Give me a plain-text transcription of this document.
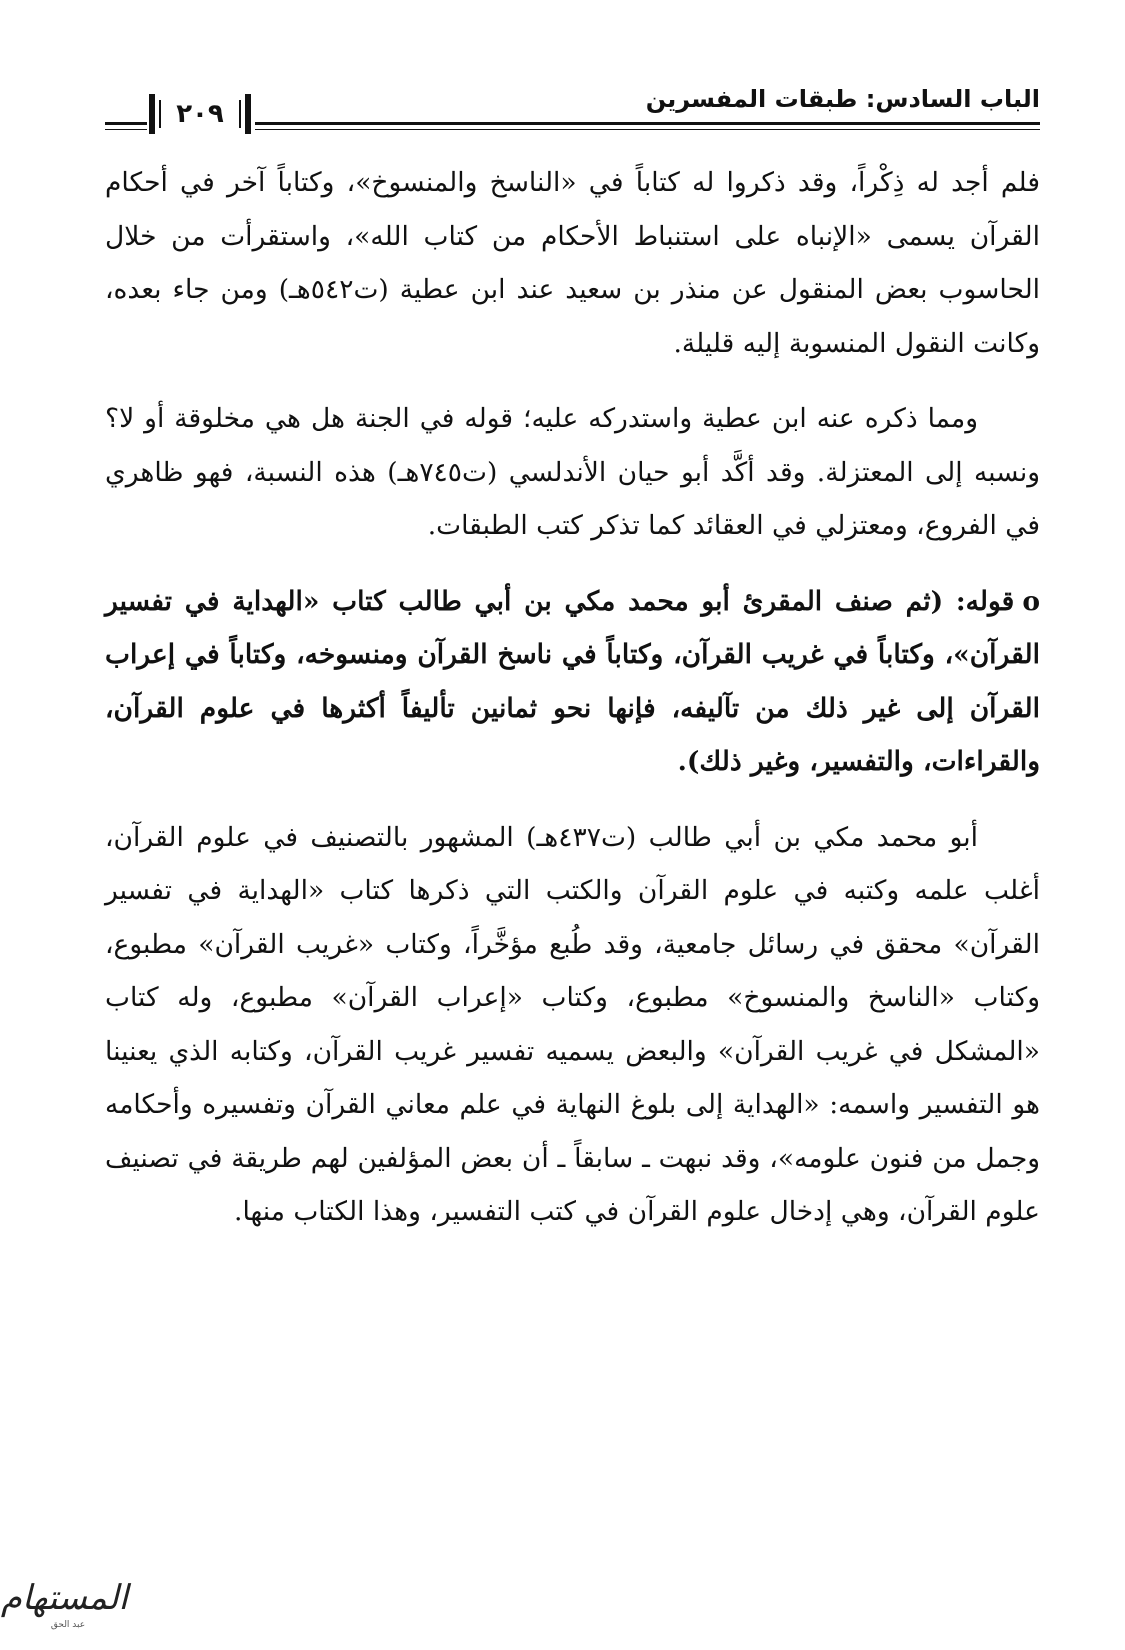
٢٠٩	الباب السادس: طبقات المفسرين

فلم أجد له ذِكْراً، وقد ذكروا له كتاباً في «الناسخ والمنسوخ»، وكتاباً آخر في أحكام القرآن يسمى «الإنباه على استنباط الأحكام من كتاب الله»، واستقرأت من خلال الحاسوب بعض المنقول عن منذر بن سعيد عند ابن عطية (ت٥٤٢هـ) ومن جاء بعده، وكانت النقول المنسوبة إليه قليلة.

ومما ذكره عنه ابن عطية واستدركه عليه؛ قوله في الجنة هل هي مخلوقة أو لا؟ ونسبه إلى المعتزلة. وقد أكَّد أبو حيان الأندلسي (ت٧٤٥هـ) هذه النسبة، فهو ظاهري في الفروع، ومعتزلي في العقائد كما تذكر كتب الطبقات.

oقوله: (ثم صنف المقرئ أبو محمد مكي بن أبي طالب كتاب «الهداية في تفسير القرآن»، وكتاباً في غريب القرآن، وكتاباً في ناسخ القرآن ومنسوخه، وكتاباً في إعراب القرآن إلى غير ذلك من تآليفه، فإنها نحو ثمانين تأليفاً أكثرها في علوم القرآن، والقراءات، والتفسير، وغير ذلك).

أبو محمد مكي بن أبي طالب (ت٤٣٧هـ) المشهور بالتصنيف في علوم القرآن، أغلب علمه وكتبه في علوم القرآن والكتب التي ذكرها كتاب «الهداية في تفسير القرآن» محقق في رسائل جامعية، وقد طُبع مؤخَّراً، وكتاب «غريب القرآن» مطبوع، وكتاب «الناسخ والمنسوخ» مطبوع، وكتاب «إعراب القرآن» مطبوع، وله كتاب «المشكل في غريب القرآن» والبعض يسميه تفسير غريب القرآن، وكتابه الذي يعنينا هو التفسير واسمه: «الهداية إلى بلوغ النهاية في علم معاني القرآن وتفسيره وأحكامه وجمل من فنون علومه»، وقد نبهت ـ سابقاً ـ أن بعض المؤلفين لهم طريقة في تصنيف علوم القرآن، وهي إدخال علوم القرآن في كتب التفسير، وهذا الكتاب منها.

المستهام
عبد الحق
